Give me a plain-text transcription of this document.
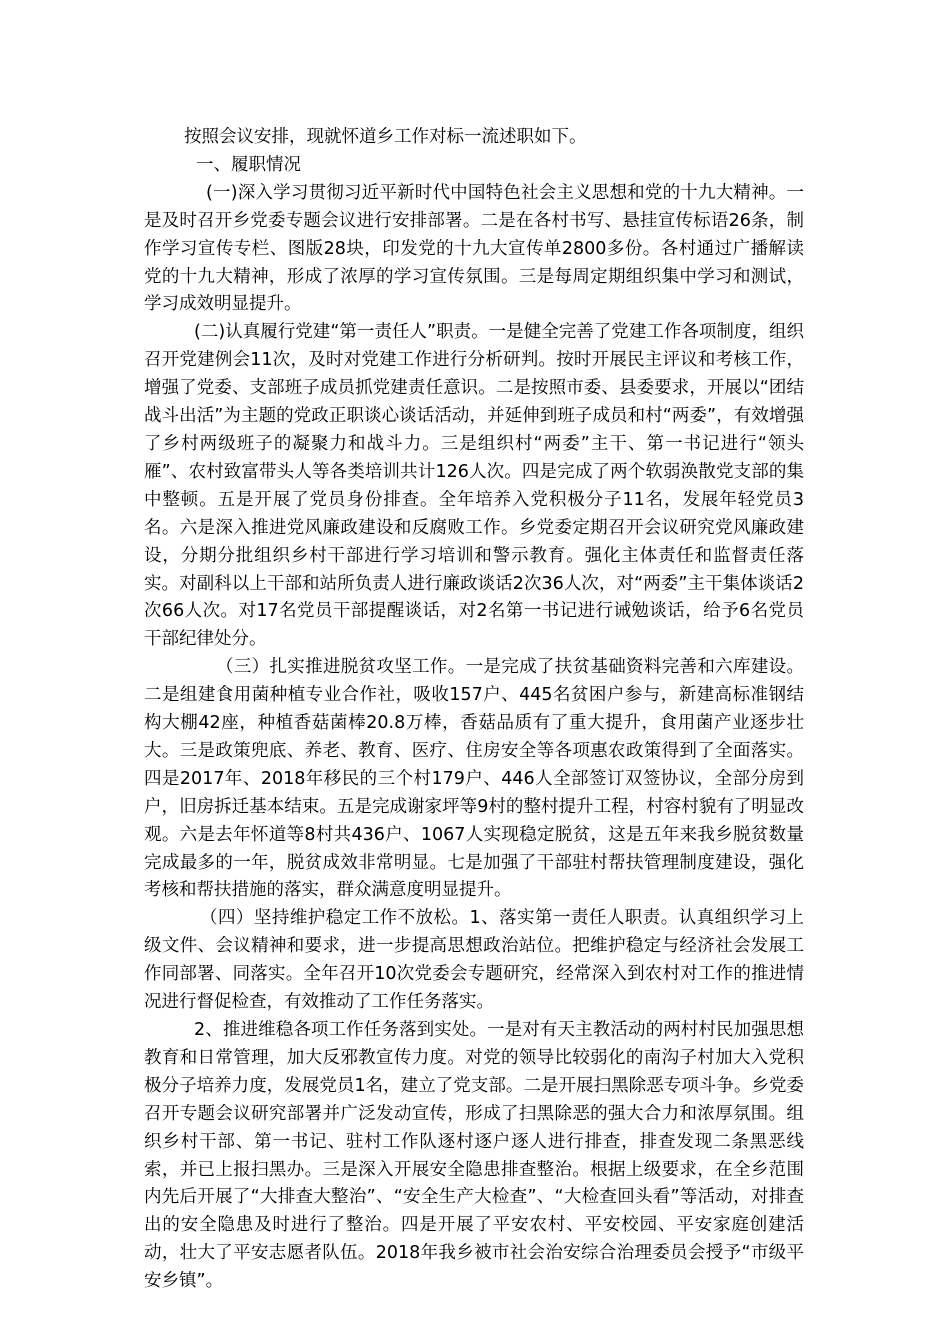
按照会议安排，现就怀道乡工作对标一流述职如下。

一、履职情况

(一)深入学习贯彻习近平新时代中国特色社会主义思想和党的十九大精神。一是及时召开乡党委专题会议进行安排部署。二是在各村书写、悬挂宣传标语26条，制作学习宣传专栏、图版28块，印发党的十九大宣传单2800多份。各村通过广播解读党的十九大精神，形成了浓厚的学习宣传氛围。三是每周定期组织集中学习和测试，学习成效明显提升。

(二)认真履行党建“第一责任人”职责。一是健全完善了党建工作各项制度，组织召开党建例会11次，及时对党建工作进行分析研判。按时开展民主评议和考核工作，增强了党委、支部班子成员抓党建责任意识。二是按照市委、县委要求，开展以“团结战斗出活”为主题的党政正职谈心谈话活动，并延伸到班子成员和村“两委”，有效增强了乡村两级班子的凝聚力和战斗力。三是组织村“两委”主干、第一书记进行“领头雁”、农村致富带头人等各类培训共计126人次。四是完成了两个软弱涣散党支部的集中整顿。五是开展了党员身份排查。全年培养入党积极分子11名，发展年轻党员3名。六是深入推进党风廉政建设和反腐败工作。乡党委定期召开会议研究党风廉政建设，分期分批组织乡村干部进行学习培训和警示教育。强化主体责任和监督责任落实。对副科以上干部和站所负责人进行廉政谈话2次36人次，对“两委”主干集体谈话2次66人次。对17名党员干部提醒谈话，对2名第一书记进行诫勉谈话，给予6名党员干部纪律处分。

（三）扎实推进脱贫攻坚工作。一是完成了扶贫基础资料完善和六库建设。二是组建食用菌种植专业合作社，吸收157户、445名贫困户参与，新建高标准钢结构大棚42座，种植香菇菌棒20.8万棒，香菇品质有了重大提升，食用菌产业逐步壮大。三是政策兜底、养老、教育、医疗、住房安全等各项惠农政策得到了全面落实。四是2017年、2018年移民的三个村179户、446人全部签订双签协议，全部分房到户，旧房拆迁基本结束。五是完成谢家坪等9村的整村提升工程，村容村貌有了明显改观。六是去年怀道等8村共436户、1067人实现稳定脱贫，这是五年来我乡脱贫数量完成最多的一年，脱贫成效非常明显。七是加强了干部驻村帮扶管理制度建设，强化考核和帮扶措施的落实，群众满意度明显提升。

（四）坚持维护稳定工作不放松。1、落实第一责任人职责。认真组织学习上级文件、会议精神和要求，进一步提高思想政治站位。把维护稳定与经济社会发展工作同部署、同落实。全年召开10次党委会专题研究，经常深入到农村对工作的推进情况进行督促检查，有效推动了工作任务落实。

2、推进维稳各项工作任务落到实处。一是对有天主教活动的两村村民加强思想教育和日常管理，加大反邪教宣传力度。对党的领导比较弱化的南沟子村加大入党积极分子培养力度，发展党员1名，建立了党支部。二是开展扫黑除恶专项斗争。乡党委召开专题会议研究部署并广泛发动宣传，形成了扫黑除恶的强大合力和浓厚氛围。组织乡村干部、第一书记、驻村工作队逐村逐户逐人进行排查，排查发现二条黑恶线索，并已上报扫黑办。三是深入开展安全隐患排查整治。根据上级要求，在全乡范围内先后开展了“大排查大整治”、“安全生产大检查”、“大检查回头看”等活动，对排查出的安全隐患及时进行了整治。四是开展了平安农村、平安校园、平安家庭创建活动，壮大了平安志愿者队伍。2018年我乡被市社会治安综合治理委员会授予“市级平安乡镇”。
